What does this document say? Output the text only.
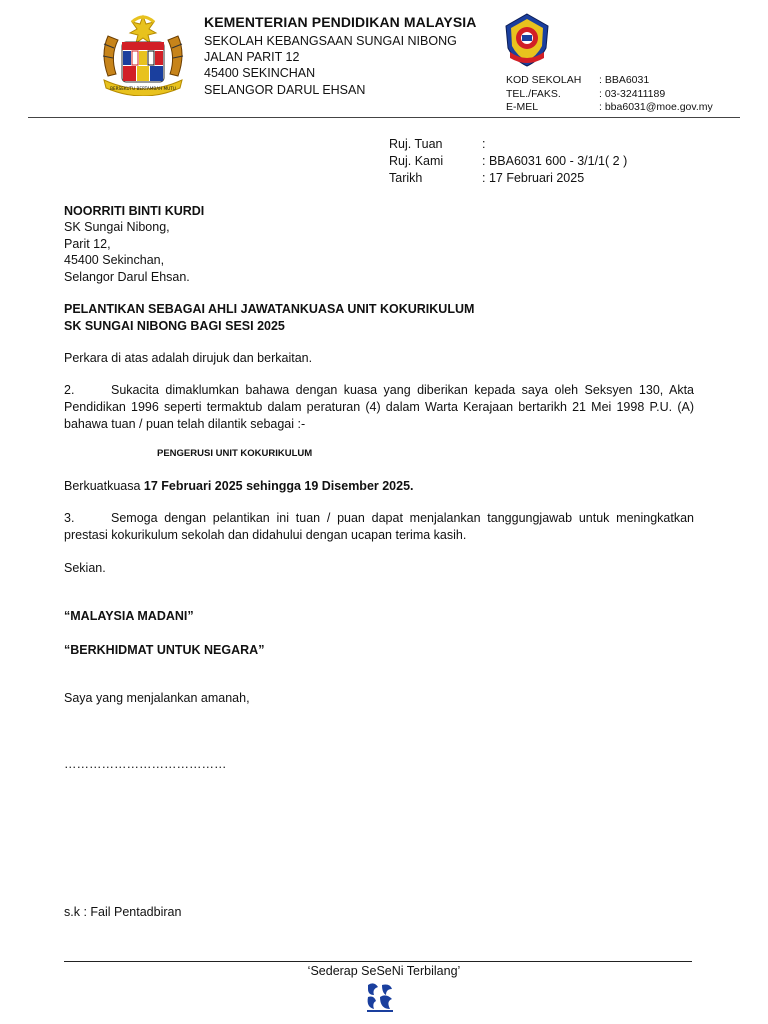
BERSEKUTU BERTAMBAH MUTU
KEMENTERIAN PENDIDIKAN MALAYSIA
SEKOLAH KEBANGSAAN SUNGAI NIBONG
JALAN PARIT 12
45400 SEKINCHAN
SELANGOR DARUL EHSAN
KOD SEKOLAH : BBA6031
TEL./FAKS.	: 03-32411189
E-MEL	: bba6031@moe.gov.my
Ruj. Tuan	:
Ruj. Kami	: BBA6031 600 - 3/1/1( 2 )
Tarikh	: 17 Februari 2025
NOORRITI BINTI KURDI
SK Sungai Nibong,
Parit 12,
45400 Sekinchan,
Selangor Darul Ehsan.
PELANTIKAN SEBAGAI AHLI JAWATANKUASA UNIT KOKURIKULUM
SK SUNGAI NIBONG BAGI SESI 2025
Perkara di atas adalah dirujuk dan berkaitan.
2.	Sukacita dimaklumkan bahawa dengan kuasa yang diberikan kepada saya oleh Seksyen 130, Akta Pendidikan 1996 seperti termaktub dalam peraturan (4) dalam Warta Kerajaan bertarikh 21 Mei 1998 P.U. (A) bahawa tuan / puan telah dilantik sebagai :-
PENGERUSI UNIT KOKURIKULUM
Berkuatkuasa 17 Februari 2025 sehingga 19 Disember 2025.
3.	Semoga dengan pelantikan ini tuan / puan dapat menjalankan tanggungjawab untuk meningkatkan prestasi kokurikulum sekolah dan didahului dengan ucapan terima kasih.
Sekian.
“MALAYSIA MADANI”
“BERKHIDMAT UNTUK NEGARA”
Saya yang menjalankan amanah,
…………………………………
s.k : Fail Pentadbiran
‘Sederap SeSeNi Terbilang’
